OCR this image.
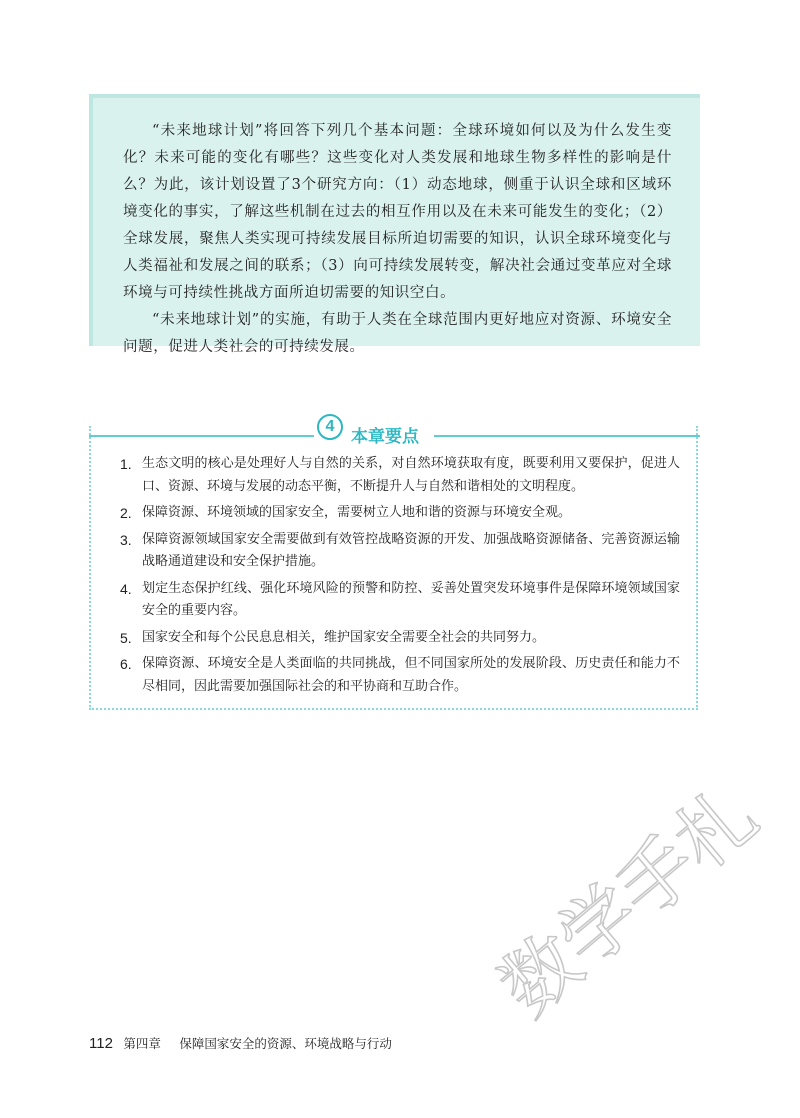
“未来地球计划”将回答下列几个基本问题：全球环境如何以及为什么发生变化？未来可能的变化有哪些？这些变化对人类发展和地球生物多样性的影响是什么？为此，该计划设置了3个研究方向：（1）动态地球，侧重于认识全球和区域环境变化的事实，了解这些机制在过去的相互作用以及在未来可能发生的变化；（2）全球发展，聚焦人类实现可持续发展目标所迫切需要的知识，认识全球环境变化与人类福祉和发展之间的联系；（3）向可持续发展转变，解决社会通过变革应对全球环境与可持续性挑战方面所迫切需要的知识空白。

“未来地球计划”的实施，有助于人类在全球范围内更好地应对资源、环境安全问题，促进人类社会的可持续发展。

4
本章要点
1. 生态文明的核心是处理好人与自然的关系，对自然环境获取有度，既要利用又要保护，促进人口、资源、环境与发展的动态平衡，不断提升人与自然和谐相处的文明程度。
2. 保障资源、环境领域的国家安全，需要树立人地和谐的资源与环境安全观。
3. 保障资源领域国家安全需要做到有效管控战略资源的开发、加强战略资源储备、完善资源运输战略通道建设和安全保护措施。
4. 划定生态保护红线、强化环境风险的预警和防控、妥善处置突发环境事件是保障环境领域国家安全的重要内容。
5. 国家安全和每个公民息息相关，维护国家安全需要全社会的共同努力。
6. 保障资源、环境安全是人类面临的共同挑战，但不同国家所处的发展阶段、历史责任和能力不尽相同，因此需要加强国际社会的和平协商和互助合作。
数学手札
112 第四章 保障国家安全的资源、环境战略与行动
